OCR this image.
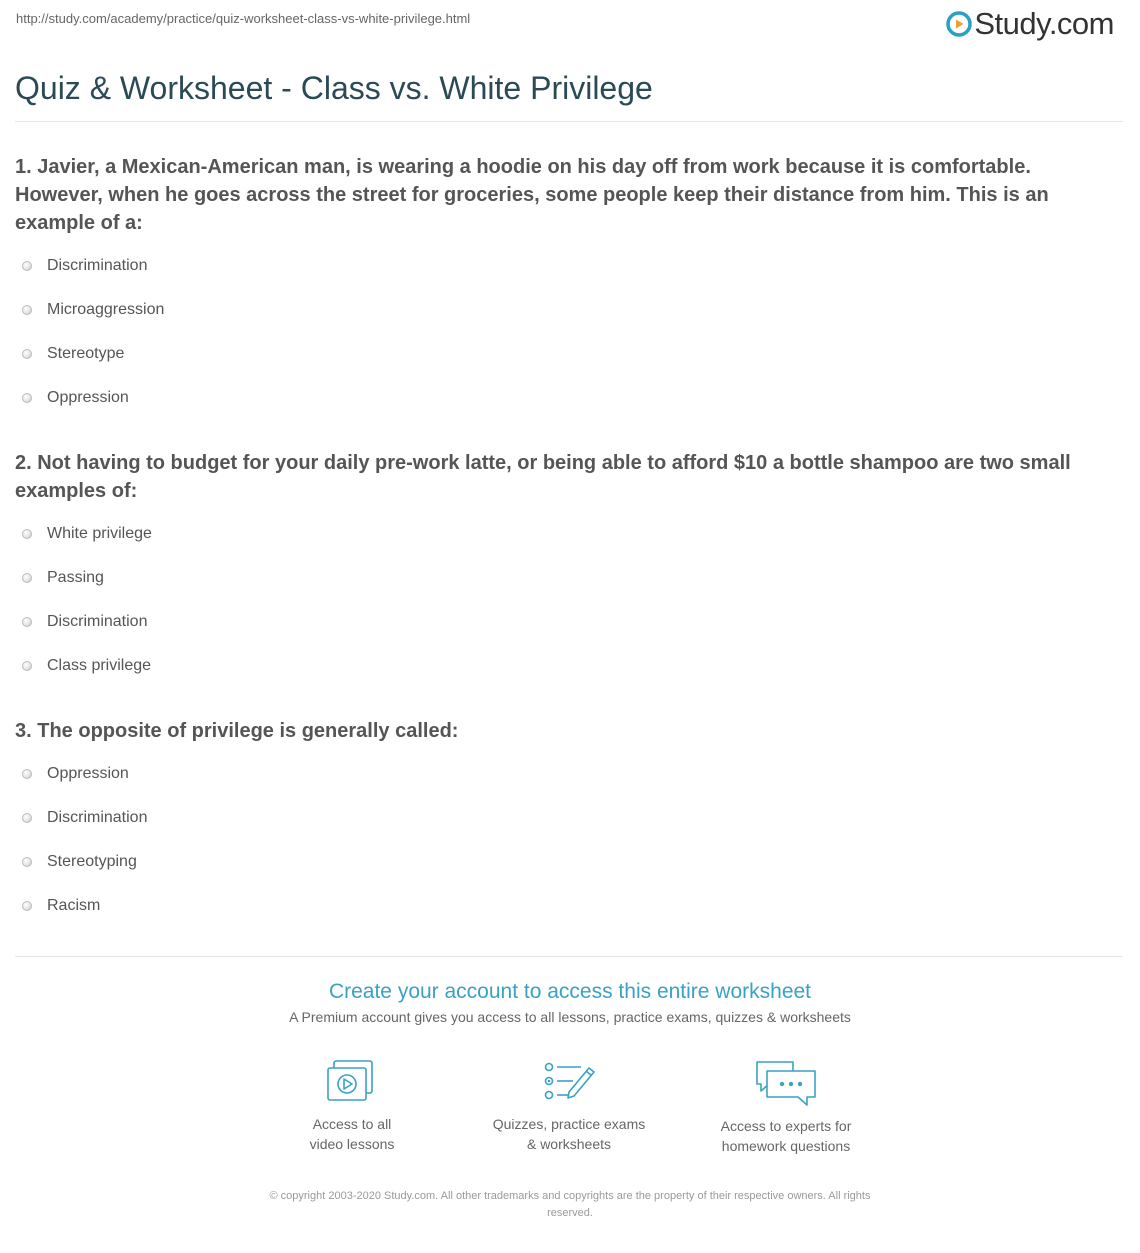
http://study.com/academy/practice/quiz-worksheet-class-vs-white-privilege.html	Study.com
Quiz & Worksheet - Class vs. White Privilege
1. Javier, a Mexican-American man, is wearing a hoodie on his day off from work because it is comfortable. However, when he goes across the street for groceries, some people keep their distance from him. This is an example of a:
Discrimination
Microaggression
Stereotype
Oppression
2. Not having to budget for your daily pre-work latte, or being able to afford $10 a bottle shampoo are two small examples of:
White privilege
Passing
Discrimination
Class privilege
3. The opposite of privilege is generally called:
Oppression
Discrimination
Stereotyping
Racism
Create your account to access this entire worksheet
A Premium account gives you access to all lessons, practice exams, quizzes & worksheets
Access to all
video lessons
Quizzes, practice exams
& worksheets
Access to experts for
homework questions
© copyright 2003-2020 Study.com. All other trademarks and copyrights are the property of their respective owners. All rights
reserved.
